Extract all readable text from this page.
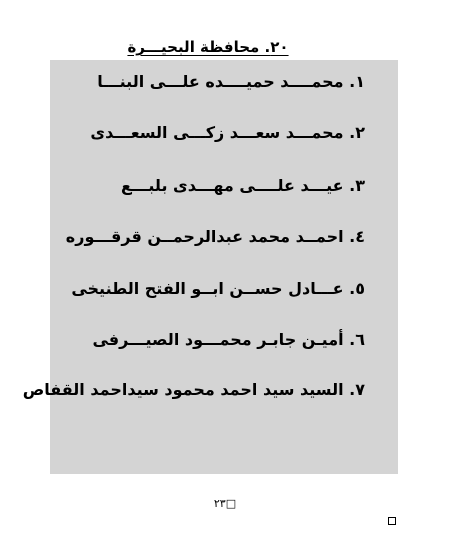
٢٠. محافظة البحيـــرة
١. محمــــد حميــــده علـــى البنـــا
٢. محمـــد سعـــد زكـــى السعـــدى
٣. عيـــد علــــى مهـــدى بلبـــع
٤. احمــد محمد عبدالرحمــن قرقـــوره
٥. عـــادل حســن ابــو الفتح الطنيخى
٦. أميـن جابـر محمـــود الصيـــرفى
٧. السيد سيد احمد محمود سيداحمد القفاص
□٢٣
